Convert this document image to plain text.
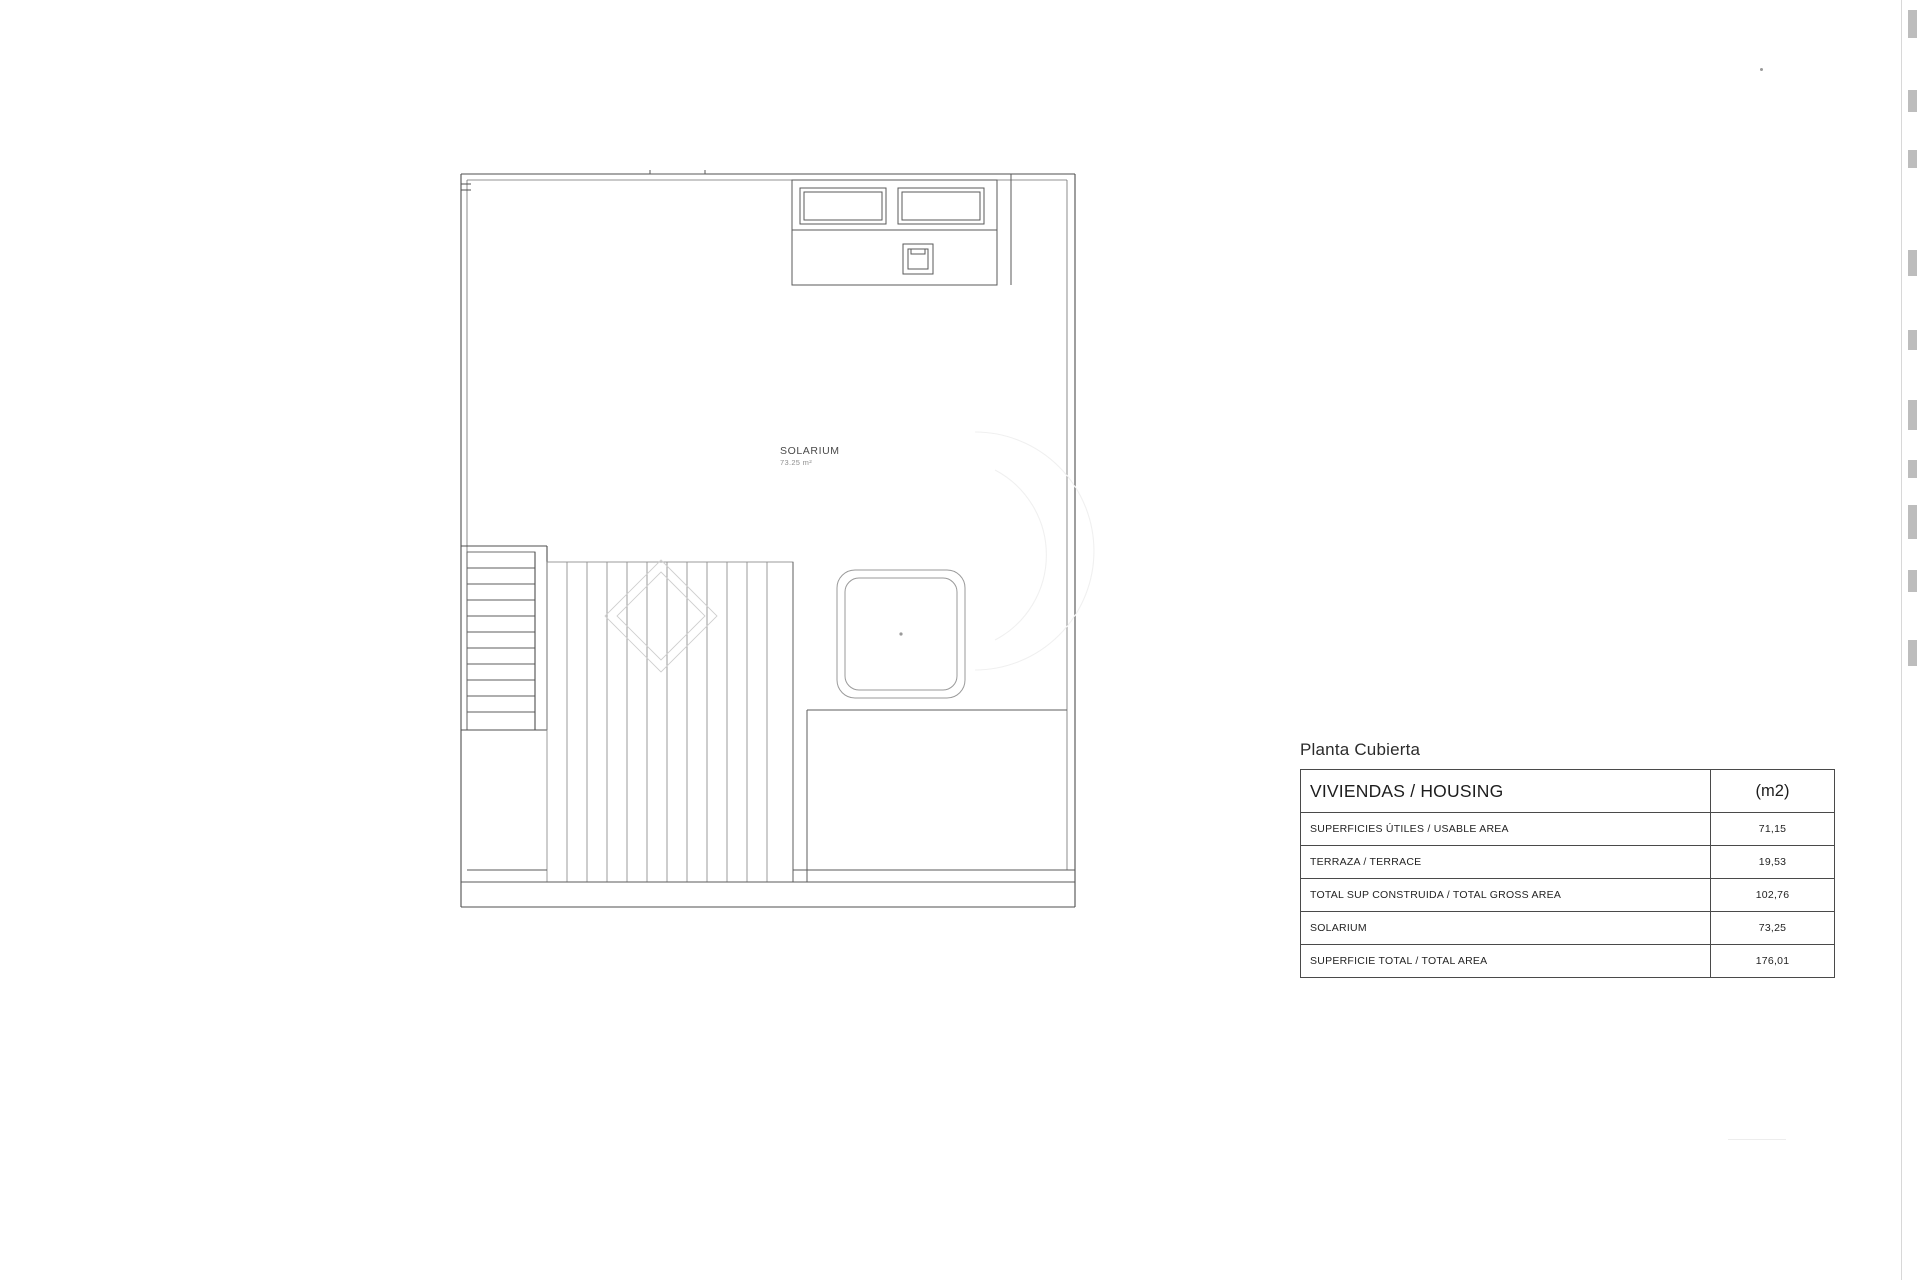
SOLARIUM
73.25 m²
Planta Cubierta
VIVIENDAS / HOUSING	(m2)
SUPERFICIES ÚTILES / USABLE AREA	71,15
TERRAZA / TERRACE	19,53
TOTAL SUP CONSTRUIDA / TOTAL GROSS AREA	102,76
SOLARIUM	73,25
SUPERFICIE TOTAL / TOTAL AREA	176,01
